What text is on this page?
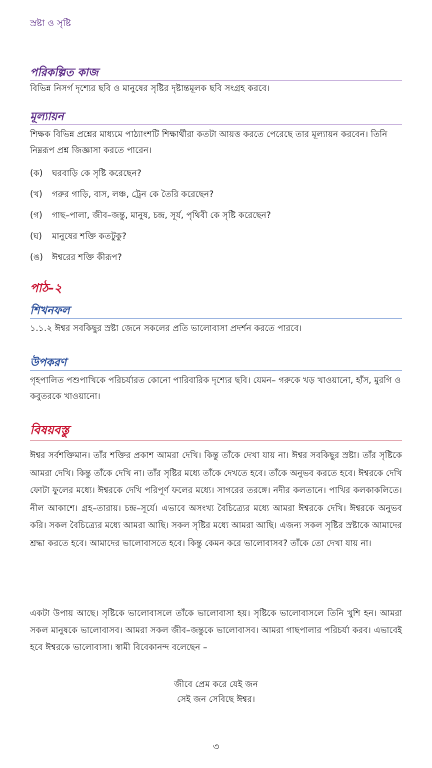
স্রষ্টা ও সৃষ্টি
পরিকল্পিত কাজ
বিভিন্ন নিসর্গ দৃশ্যের ছবি ও মানুষের সৃষ্টির দৃষ্টান্তমূলক ছবি সংগ্রহ করবে।
মূল্যায়ন
শিক্ষক বিভিন্ন প্রশ্নের মাধ্যমে পাঠ্যাংশটি শিক্ষার্থীরা কতটা আয়ত্ত করতে পেরেছে তার মূল্যায়ন করবেন। তিনি নিম্নরূপ প্রশ্ন জিজ্ঞাসা করতে পারেন।
(ক)	ঘরবাড়ি কে সৃষ্টি করেছেন?
(খ)	গরুর গাড়ি, বাস, লঞ্চ, ট্রেন কে তৈরি করেছেন?
(গ)	গাছ–পালা, জীব–জন্তু, মানুষ, চন্দ্র, সূর্য, পৃথিবী কে সৃষ্টি করেছেন?
(ঘ)	মানুষের শক্তি কতটুকু?
(ঙ)	ঈশ্বরের শক্তি কীরূপ?
পাঠ–২
শিখনফল
১.১.২ ঈশ্বর সবকিছুর স্রষ্টা জেনে সকলের প্রতি ভালোবাসা প্রদর্শন করতে পারবে।
উপকরণ
গৃহপালিত পশুপাখিকে পরিচর্যারত কোনো পারিবারিক দৃশ্যের ছবি। যেমন– গরুকে খড় খাওয়ানো, হাঁস, মুরগি ও কবুতরকে খাওয়ানো।
বিষয়বস্তু
ঈশ্বর সর্বশক্তিমান। তাঁর শক্তির প্রকাশ আমরা দেখি। কিন্তু তাঁকে দেখা যায় না। ঈশ্বর সবকিছুর স্রষ্টা। তাঁর সৃষ্টিকে আমরা দেখি। কিন্তু তাঁকে দেখি না। তাঁর সৃষ্টির মধ্যে তাঁকে দেখতে হবে। তাঁকে অনুভব করতে হবে। ঈশ্বরকে দেখি ফোটা ফুলের মধ্যে। ঈশ্বরকে দেখি পরিপূর্ণ ফলের মধ্যে। সাগরের তরঙ্গে। নদীর কলতানে। পাখির কলকাকলিতে। নীল আকাশে। গ্রহ–তারায়। চন্দ্র–সূর্যে। এভাবে অসংখ্য বৈচিত্র্যের মধ্যে আমরা ঈশ্বরকে দেখি। ঈশ্বরকে অনুভব করি। সকল বৈচিত্র্যের মধ্যে আমরা আছি। সকল সৃষ্টির মধ্যে আমরা আছি। এজন্য সকল সৃষ্টির স্রষ্টাকে আমাদের শ্রদ্ধা করতে হবে। আমাদের ভালোবাসতে হবে। কিন্তু কেমন করে ভালোবাসব? তাঁকে তো দেখা যায় না।
একটা উপায় আছে। সৃষ্টিকে ভালোবাসলে তাঁকে ভালোবাসা হয়। সৃষ্টিকে ভালোবাসলে তিনি খুশি হন। আমরা সকল মানুষকে ভালোবাসব। আমরা সকল জীব–জন্তুকে ভালোবাসব। আমরা গাছপালার পরিচর্যা করব। এভাবেই হবে ঈশ্বরকে ভালোবাসা। স্বামী বিবেকানন্দ বলেছেন –
জীবে প্রেম করে যেই জন
সেই জন সেবিছে ঈশ্বর।
৩
